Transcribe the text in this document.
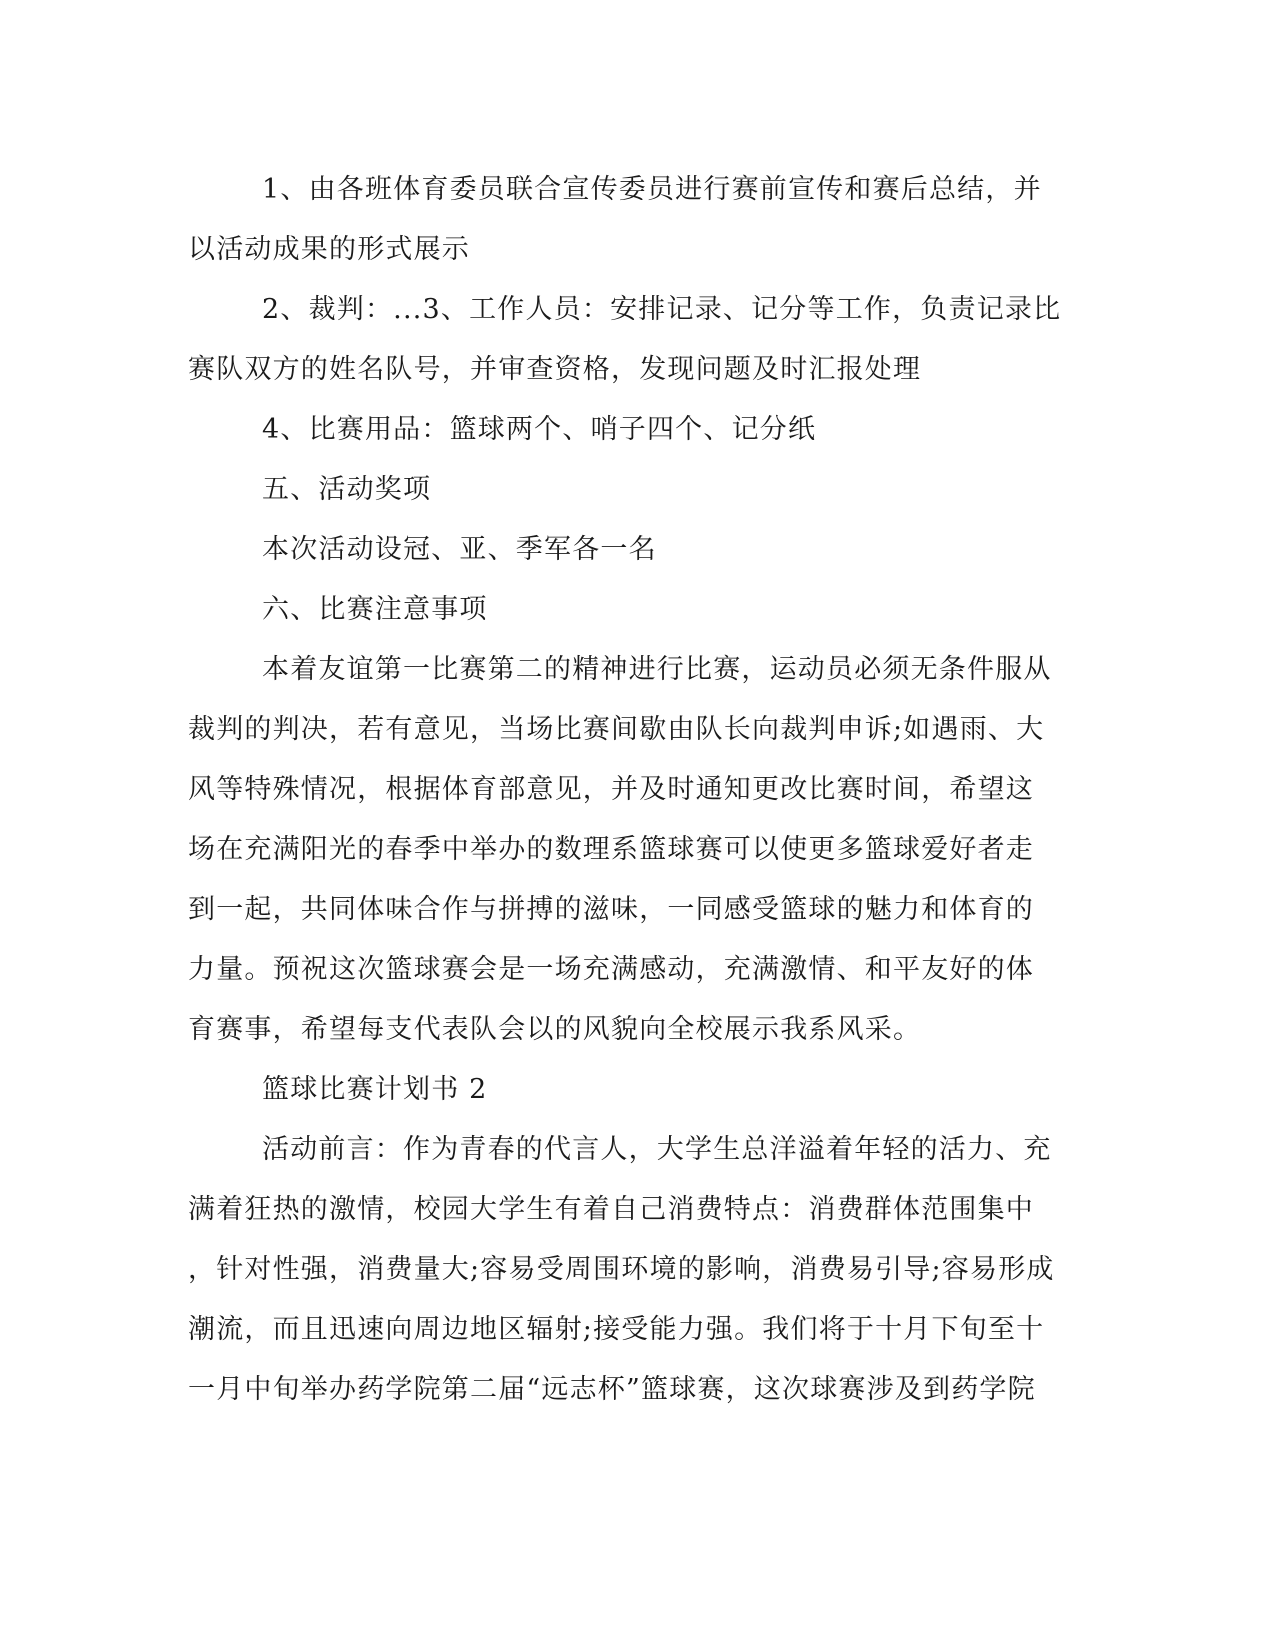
1、由各班体育委员联合宣传委员进行赛前宣传和赛后总结，并

以活动成果的形式展示

2、裁判：...3、工作人员：安排记录、记分等工作，负责记录比

赛队双方的姓名队号，并审查资格，发现问题及时汇报处理

4、比赛用品：篮球两个、哨子四个、记分纸

五、活动奖项

本次活动设冠、亚、季军各一名

六、比赛注意事项

本着友谊第一比赛第二的精神进行比赛，运动员必须无条件服从

裁判的判决，若有意见，当场比赛间歇由队长向裁判申诉;如遇雨、大

风等特殊情况，根据体育部意见，并及时通知更改比赛时间，希望这

场在充满阳光的春季中举办的数理系篮球赛可以使更多篮球爱好者走

到一起，共同体味合作与拼搏的滋味，一同感受篮球的魅力和体育的

力量。预祝这次篮球赛会是一场充满感动，充满激情、和平友好的体

育赛事，希望每支代表队会以的风貌向全校展示我系风采。

篮球比赛计划书 2

活动前言：作为青春的代言人，大学生总洋溢着年轻的活力、充

满着狂热的激情，校园大学生有着自己消费特点：消费群体范围集中

，针对性强，消费量大;容易受周围环境的影响，消费易引导;容易形成

潮流，而且迅速向周边地区辐射;接受能力强。我们将于十月下旬至十

一月中旬举办药学院第二届“远志杯”篮球赛，这次球赛涉及到药学院
